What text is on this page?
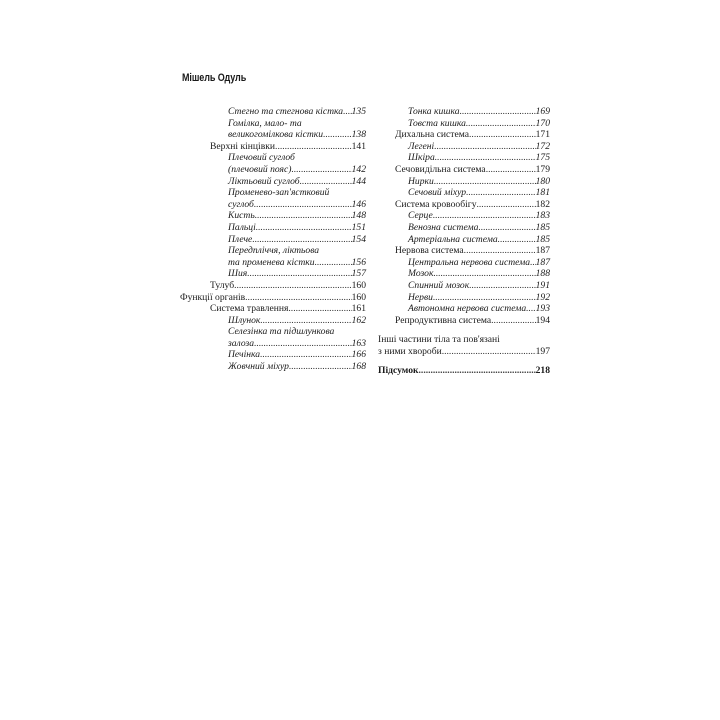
Мішель Одуль
Стегно та стегнова кістка ..... 135
Гомілка, мало- та
великогомілкова кістки .....	138
Верхні кінцівки .....	141
Плечовий суглоб
(плечовий пояс) .....	142
Ліктьовий суглоб .....	144
Променево-зап'ястковий
суглоб .....	146
Кисть .....	148
Пальці .....	151
Плече .....	154
Передпліччя, ліктьова
та променева кістки .....	156
Шия .....	157
Тулуб .....	160
Функції органів .....	160
Система травлення .....	161
Шлунок .....	162
Селезінка та підшлункова
залоза .....	163
Печінка .....	166
Жовчний міхур .....	168
Тонка кишка .....	169
Товста кишка .....	170
Дихальна система .....	171
Легені .....	172
Шкіра .....	175
Сечовидільна система .....	179
Нирки .....	180
Сечовий міхур .....	181
Система кровообігу .....	182
Серце .....	183
Венозна система .....	185
Артеріальна система .....	185
Нервова система .....	187
Центральна нервова система ..... 187
Мозок .....	188
Спинний мозок .....	191
Нерви .....	192
Автономна нервова система ..... 193
Репродуктивна система .....	194
Інші частини тіла та пов'язані
з ними хвороби .....	197
Підсумок .....	218
